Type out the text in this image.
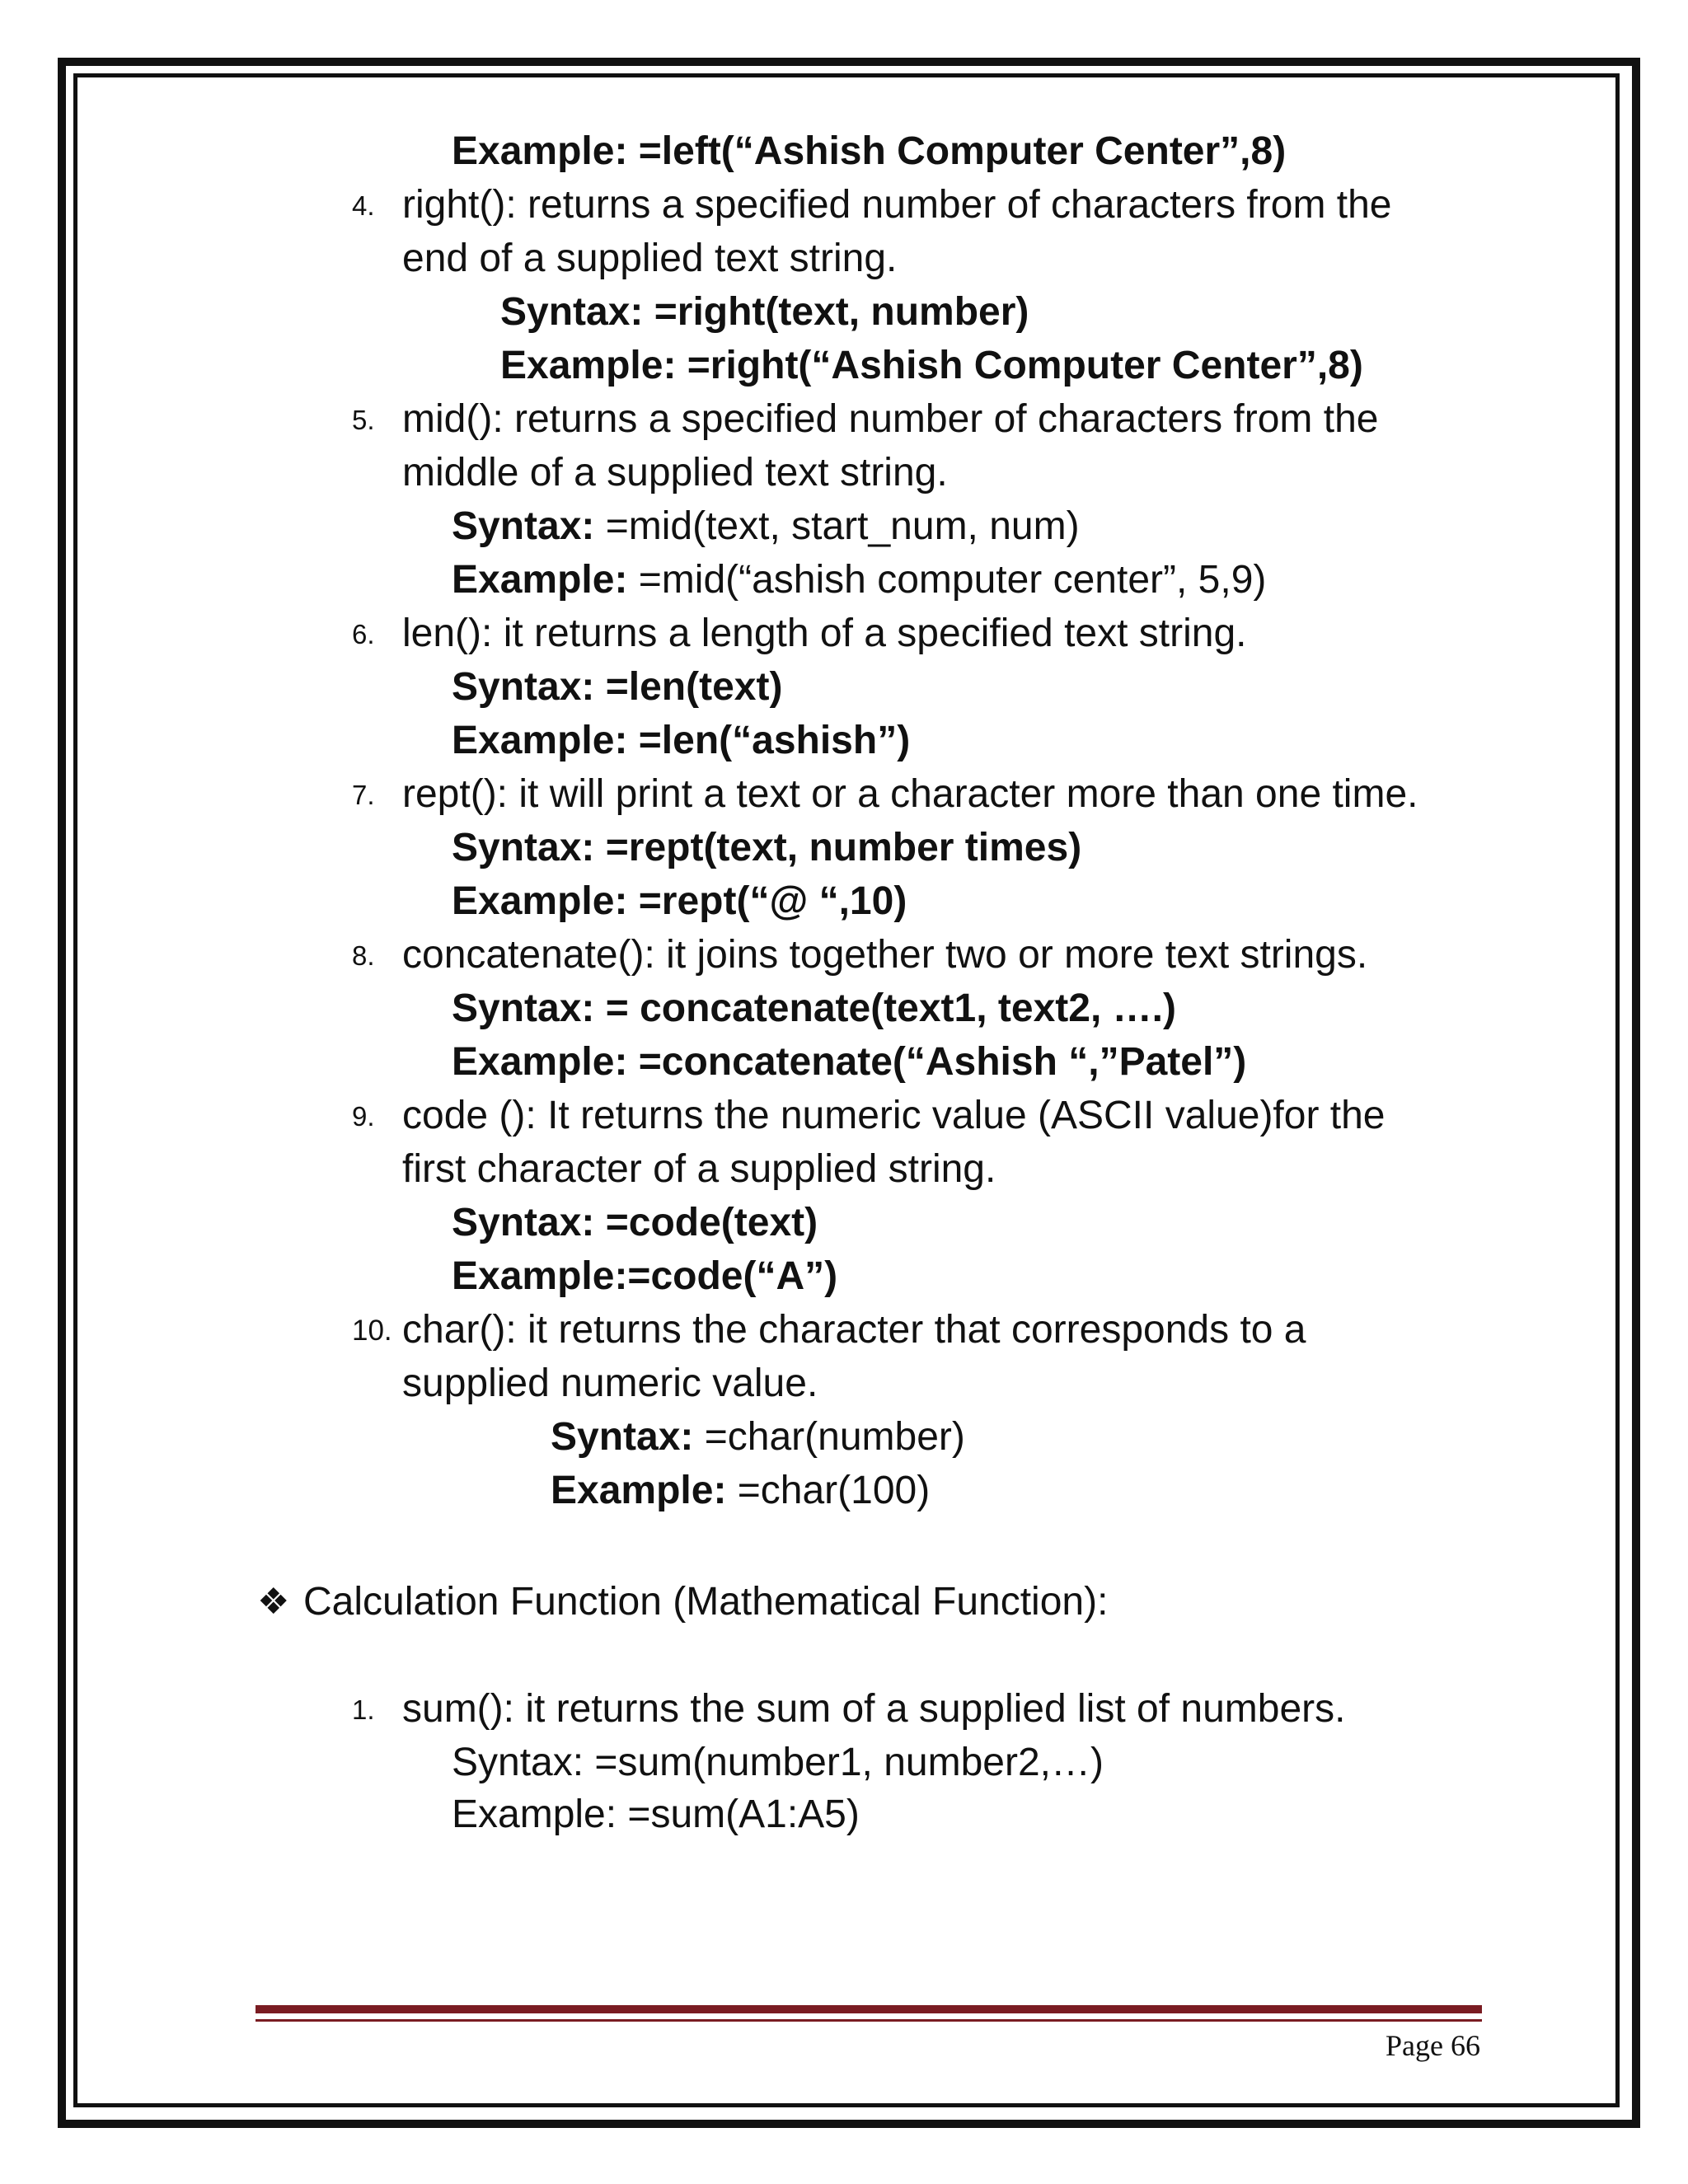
Example: =left(“Ashish Computer Center”,8)
4. right(): returns a specified number of characters from the
end of a supplied text string.
Syntax: =right(text, number)
Example: =right(“Ashish Computer Center”,8)
5. mid(): returns a specified number of characters from the
middle of a supplied text string.
Syntax: =mid(text, start_num, num)
Example: =mid(“ashish computer center”, 5,9)
6. len(): it returns a length of a specified text string.
Syntax: =len(text)
Example: =len(“ashish”)
7. rept(): it will print a text or a character more than one time.
Syntax: =rept(text, number times)
Example: =rept(“@ “,10)
8. concatenate(): it joins together two or more text strings.
Syntax: = concatenate(text1, text2, ….)
Example: =concatenate(“Ashish “,”Patel”)
9. code (): It returns the numeric value (ASCII value)for the
first character of a supplied string.
Syntax: =code(text)
Example:=code(“A”)
10. char(): it returns the character that corresponds to a
supplied numeric value.
Syntax: =char(number)
Example: =char(100)
❖ Calculation Function (Mathematical Function):
1. sum(): it returns the sum of a supplied list of numbers.
Syntax: =sum(number1, number2,…)
Example: =sum(A1:A5)
Page 66
